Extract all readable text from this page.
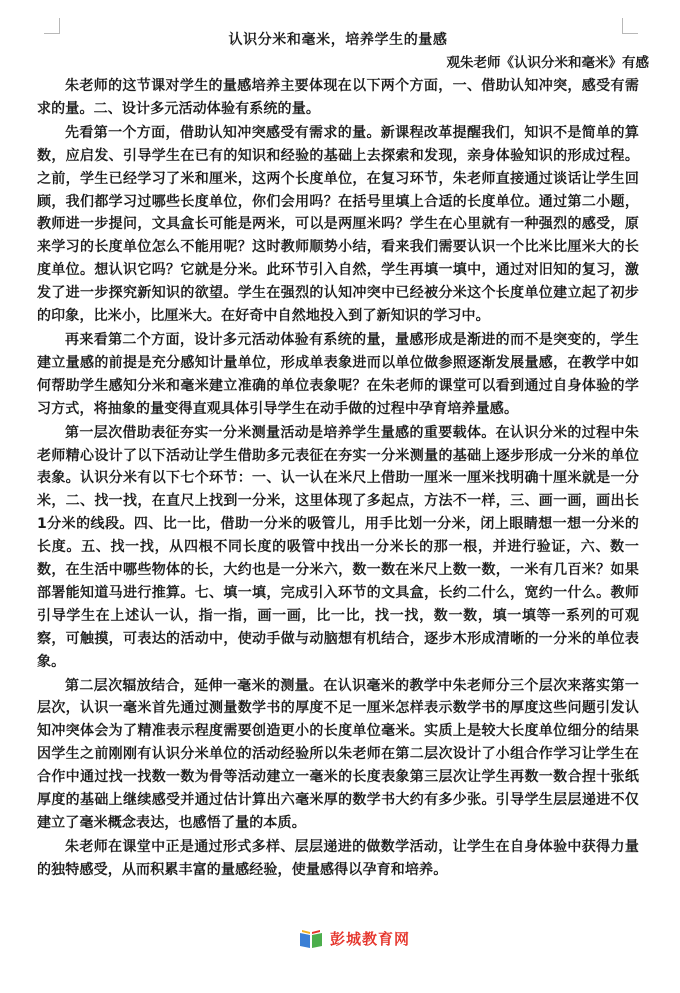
认识分米和毫米，培养学生的量感
观朱老师《认识分米和毫米》有感

朱老师的这节课对学生的量感培养主要体现在以下两个方面，一、借助认知冲突，感受有需求的量。二、设计多元活动体验有系统的量。

先看第一个方面，借助认知冲突感受有需求的量。新课程改革提醒我们，知识不是简单的算数，应启发、引导学生在已有的知识和经验的基础上去探索和发现，亲身体验知识的形成过程。之前，学生已经学习了米和厘米，这两个长度单位，在复习环节，朱老师直接通过谈话让学生回顾，我们都学习过哪些长度单位，你们会用吗？在括号里填上合适的长度单位。通过第二小题，教师进一步提问，文具盒长可能是两米，可以是两厘米吗？学生在心里就有一种强烈的感受，原来学习的长度单位怎么不能用呢？这时教师顺势小结，看来我们需要认识一个比米比厘米大的长度单位。想认识它吗？它就是分米。此环节引入自然，学生再填一填中，通过对旧知的复习，激发了进一步探究新知识的欲望。学生在强烈的认知冲突中已经被分米这个长度单位建立起了初步的印象，比米小，比厘米大。在好奇中自然地投入到了新知识的学习中。

再来看第二个方面，设计多元活动体验有系统的量，量感形成是渐进的而不是突变的，学生建立量感的前提是充分感知计量单位，形成单表象进而以单位做参照逐渐发展量感，在教学中如何帮助学生感知分米和毫米建立准确的单位表象呢？在朱老师的课堂可以看到通过自身体验的学习方式，将抽象的量变得直观具体引导学生在动手做的过程中孕育培养量感。

第一层次借助表征夯实一分米测量活动是培养学生量感的重要载体。在认识分米的过程中朱老师精心设计了以下活动让学生借助多元表征在夯实一分米测量的基础上逐步形成一分米的单位表象。认识分米有以下七个环节：一、认一认在米尺上借助一厘米一厘米找明确十厘米就是一分米，二、找一找，在直尺上找到一分米，这里体现了多起点，方法不一样，三、画一画，画出长1分米的线段。四、比一比，借助一分米的吸管儿，用手比划一分米，闭上眼睛想一想一分米的长度。五、找一找，从四根不同长度的吸管中找出一分米长的那一根，并进行验证，六、数一数，在生活中哪些物体的长，大约也是一分米六，数一数在米尺上数一数，一米有几百米？如果部署能知道马进行推算。七、填一填，完成引入环节的文具盒，长约二什么，宽约一什么。教师引导学生在上述认一认，指一指，画一画，比一比，找一找，数一数，填一填等一系列的可观察，可触摸，可表达的活动中，使动手做与动脑想有机结合，逐步木形成清晰的一分米的单位表象。

第二层次辐放结合，延伸一毫米的测量。在认识毫米的教学中朱老师分三个层次来落实第一层次，认识一毫米首先通过测量数学书的厚度不足一厘米怎样表示数学书的厚度这些问题引发认知冲突体会为了精准表示程度需要创造更小的长度单位毫米。实质上是较大长度单位细分的结果因学生之前刚刚有认识分米单位的活动经验所以朱老师在第二层次设计了小组合作学习让学生在合作中通过找一找数一数为骨等活动建立一毫米的长度表象第三层次让学生再数一数合捏十张纸厚度的基础上继续感受并通过估计算出六毫米厚的数学书大约有多少张。引导学生层层递进不仅建立了毫米概念表达，也感悟了量的本质。

朱老师在课堂中正是通过形式多样、层层递进的做数学活动，让学生在自身体验中获得力量的独特感受，从而积累丰富的量感经验，使量感得以孕育和培养。

彭城教育网
